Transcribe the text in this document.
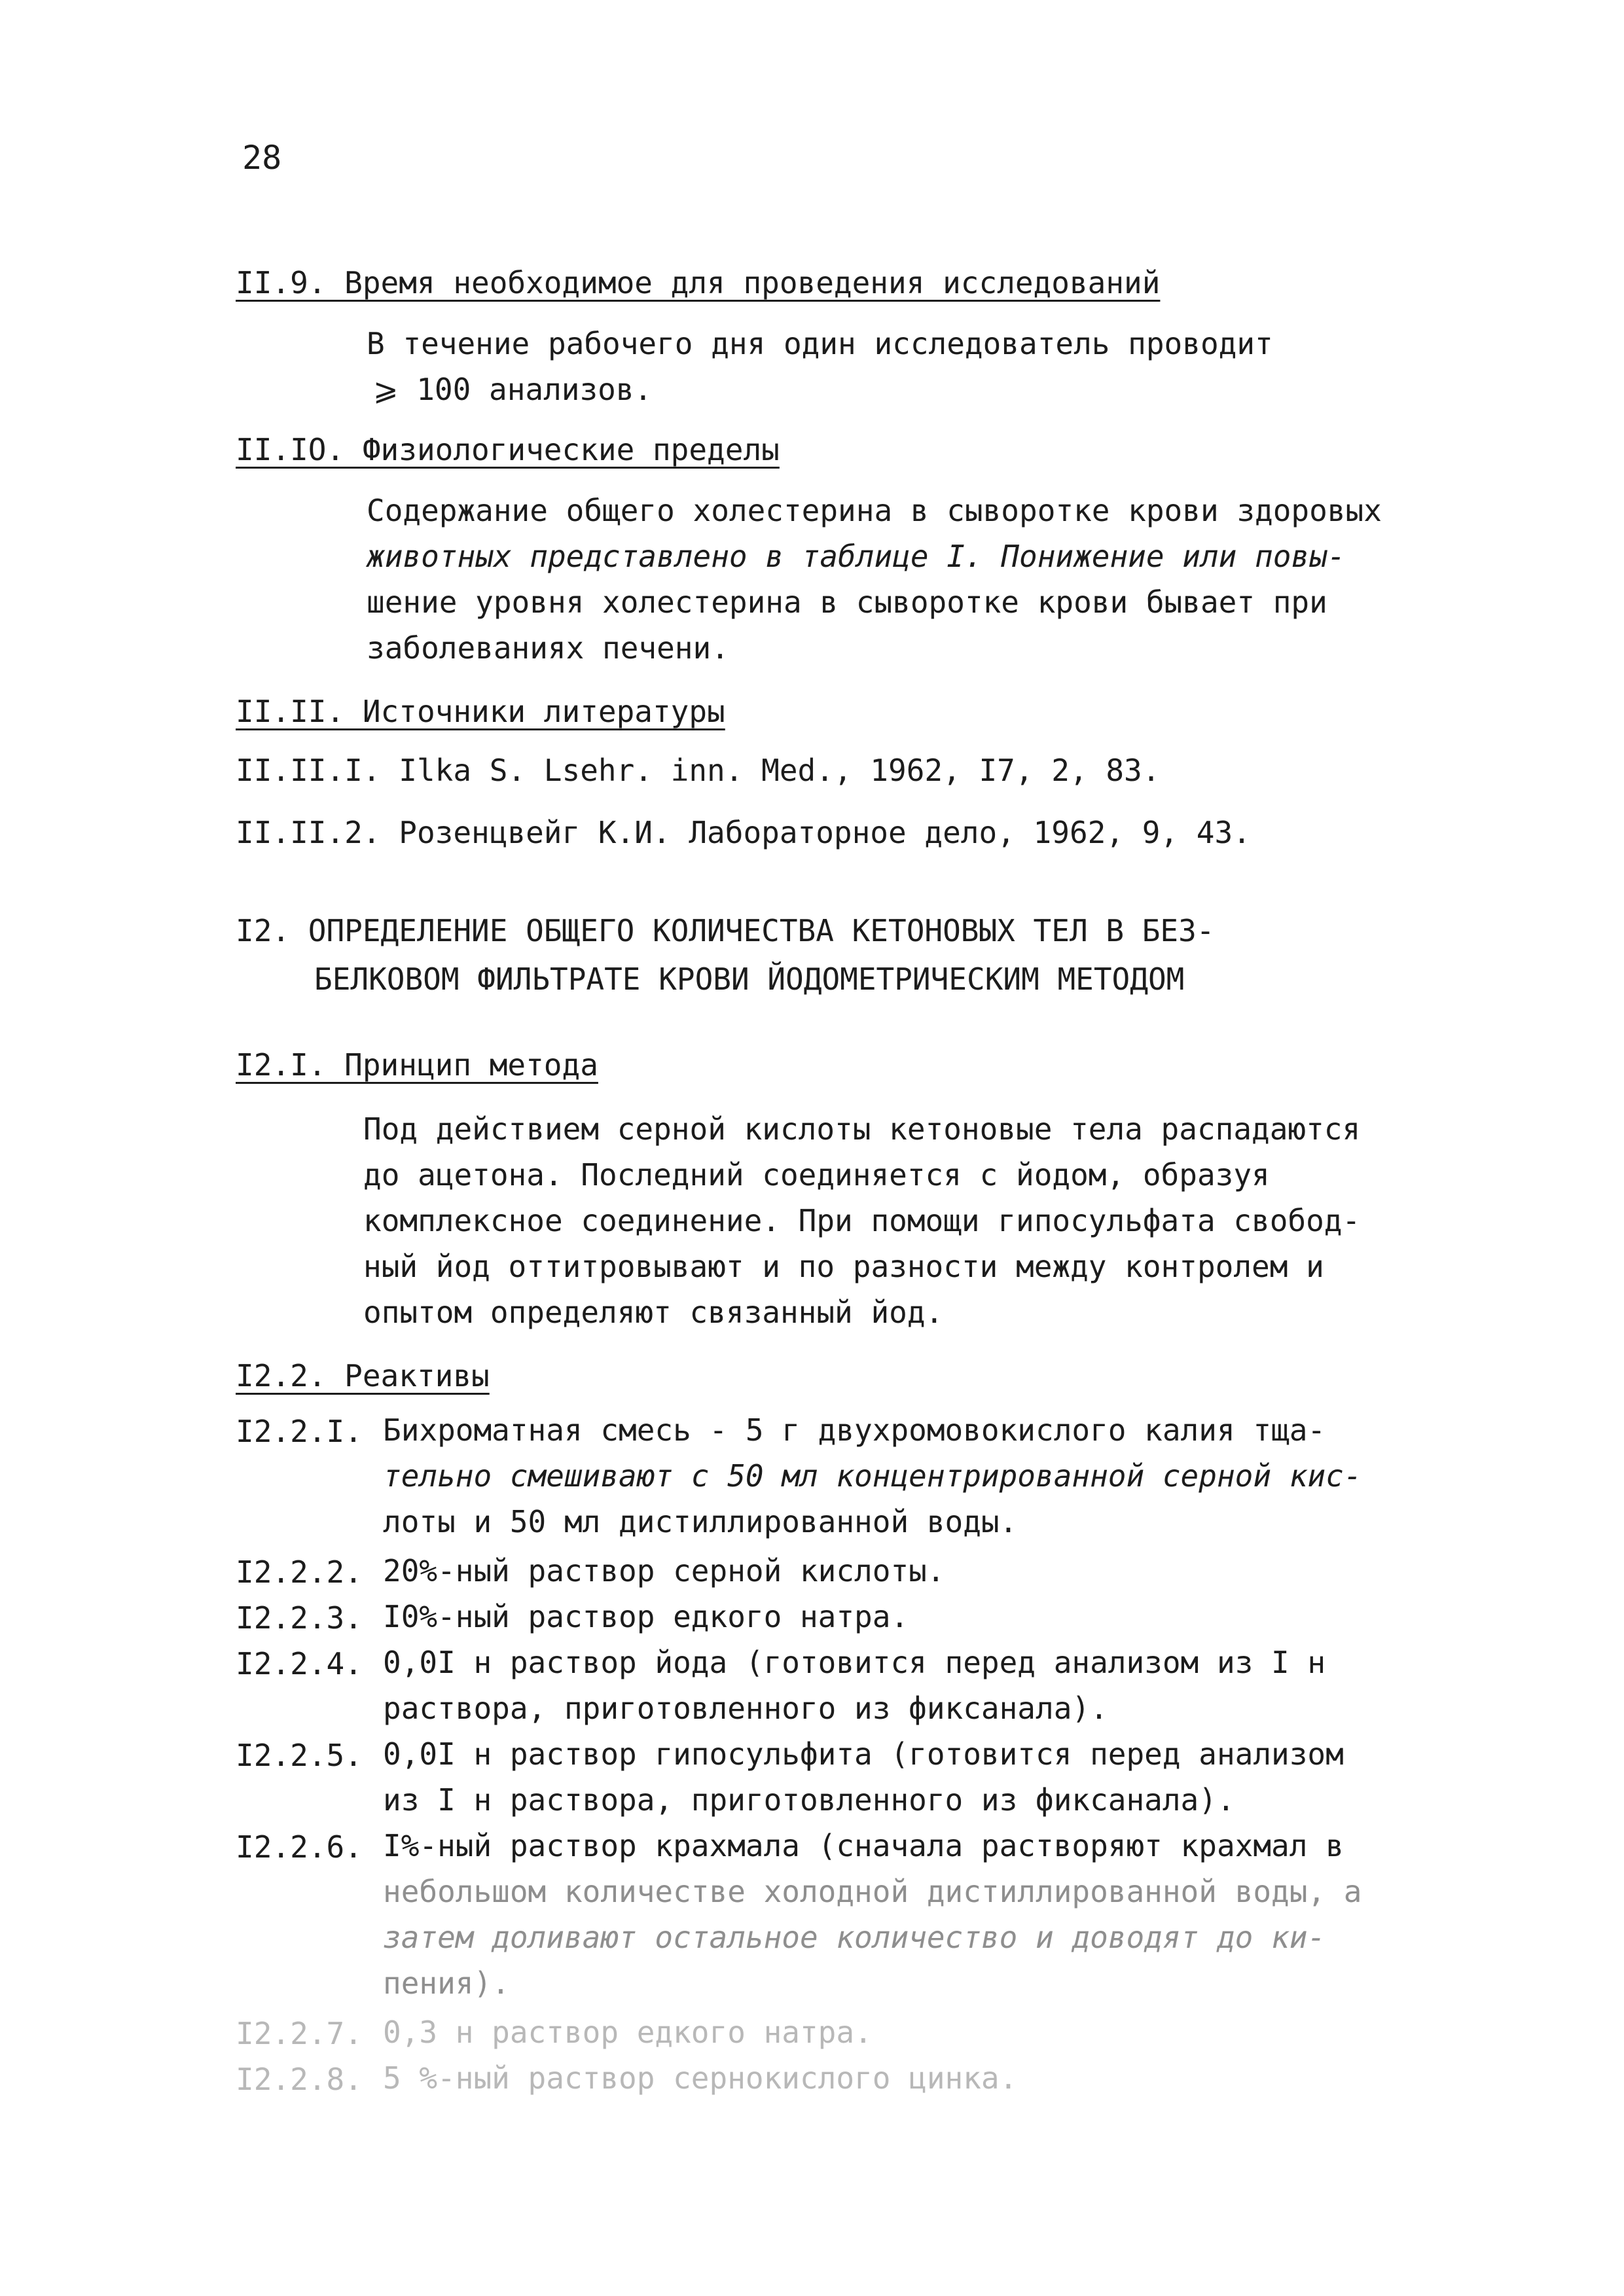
28
II.9. Время необходимое для проведения исследований
В течение рабочего дня один исследователь проводит
⩾ 100 анализов.
II.IO. Физиологические пределы
Содержание общего холестерина в сыворотке крови здоровых
животных представлено в таблице I. Понижение или повы-
шение уровня холестерина в сыворотке крови бывает при
заболеваниях печени.
II.II. Источники литературы
II.II.I. Ilka S. Lsehr. inn. Med., 1962, I7, 2, 83.
II.II.2. Розенцвейг К.И. Лабораторное дело, 1962, 9, 43.
I2. ОПРЕДЕЛЕНИЕ ОБЩЕГО КОЛИЧЕСТВА КЕТОНОВЫХ ТЕЛ В БЕЗ-
БЕЛКОВОМ ФИЛЬТРАТЕ КРОВИ ЙОДОМЕТРИЧЕСКИМ МЕТОДОМ
I2.I. Принцип метода
Под действием серной кислоты кетоновые тела распадаются
до ацетона. Последний соединяется с йодом, образуя
комплексное соединение. При помощи гипосульфата свобод-
ный йод оттитровывают и по разности между контролем и
опытом определяют связанный йод.
I2.2. Реактивы
I2.2.I. Бихроматная смесь - 5 г двухромовокислого калия тща-
тельно смешивают с 50 мл концентрированной серной кис-
лоты и 50 мл дистиллированной воды.
I2.2.2. 20%-ный раствор серной кислоты.
I2.2.3. I0%-ный раствор едкого натра.
I2.2.4. 0,0I н раствор йода (готовится перед анализом из I н
раствора, приготовленного из фиксанала).
I2.2.5. 0,0I н раствор гипосульфита (готовится перед анализом
из I н раствора, приготовленного из фиксанала).
I2.2.6. I%-ный раствор крахмала (сначала растворяют крахмал в
небольшом количестве холодной дистиллированной воды, а
затем доливают остальное количество и доводят до ки-
пения).
I2.2.7. 0,3 н раствор едкого натра.
I2.2.8. 5 %-ный раствор сернокислого цинка.
